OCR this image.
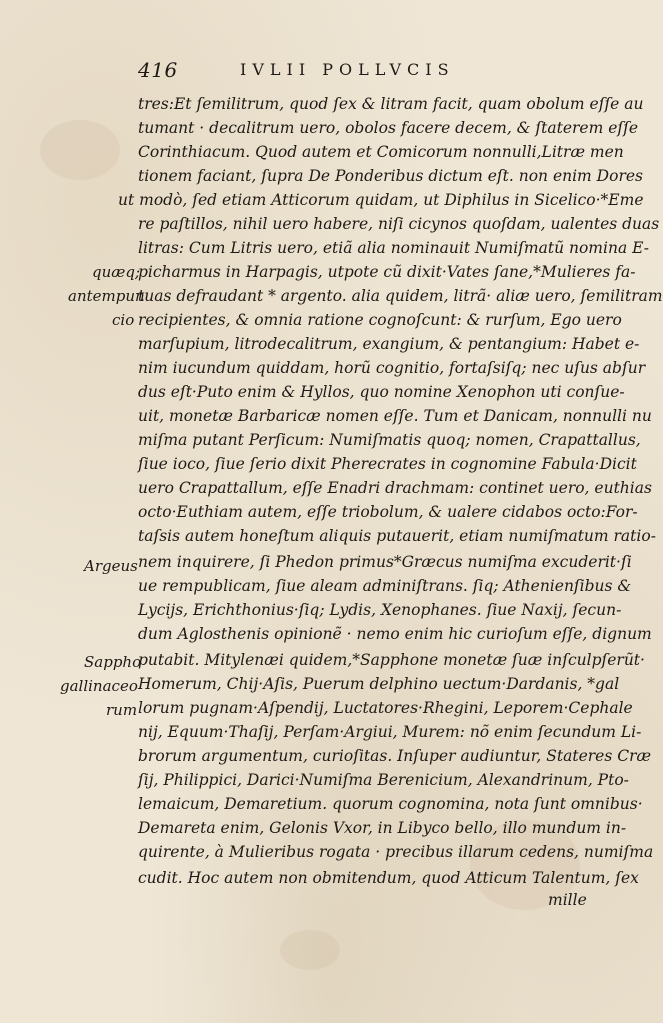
416	IVLII POLLVCIS
tres:Et ſemilitrum, quod ſex & litram facit, quam obolum eſſe au
tumant · decalitrum uero, obolos facere decem, & ſtaterem eſſe
Corinthiacum. Quod autem et Comicorum nonnulli,Litræ men
tionem faciant, ſupra De Ponderibus dictum eſt. non enim Dores
ut modò, ſed etiam Atticorum quidam, ut Diphilus in Sicelico·*Eme
re paſtillos, nihil uero habere, niſi cicynos quoſdam, ualentes duas
litras: Cum Litris uero, etiã alia nominauit Numiſmatũ nomina E-
picharmus in Harpagis, utpote cũ dixit·Vates ſane,*Mulieres fa-
tuas defraudant * argento. alia quidem, litrã· aliæ uero, ſemilitram
recipientes, & omnia ratione cognoſcunt: & rurſum, Ego uero
marſupium, litrodecalitrum, exangium, & pentangium: Habet e-
nim iucundum quiddam, horũ cognitio, fortaſsiſq; nec uſus abſur
dus eſt·Puto enim & Hyllos, quo nomine Xenophon uti conſue-
uit, monetæ Barbaricæ nomen eſſe. Tum et Danicam, nonnulli nu
miſma putant Perſicum: Numiſmatis quoq; nomen, Crapattallus,
ſiue ioco, ſiue ſerio dixit Pherecrates in cognomine Fabula·Dicit
uero Crapattallum, eſſe Enadri drachmam: continet uero, euthias
octo·Euthiam autem, eſſe triobolum, & ualere cidabos octo:For-
taſsis autem honeſtum aliquis putauerit, etiam numiſmatum ratio-
nem inquirere, ſi Phedon primus*Græcus numiſma excuderit·ſi
ue rempublicam, ſiue aleam adminiſtrans. ſiq; Athenienſibus &
Lycijs, Erichthonius·ſiq; Lydis, Xenophanes. ſiue Naxij, ſecun-
dum Aglosthenis opinionẽ · nemo enim hic curioſum eſſe, dignum
putabit. Mitylenæi quidem,*Sapphone monetæ ſuæ inſculpſerũt·
Homerum, Chij·Aſis, Puerum delphino uectum·Dardanis, *gal
lorum pugnam·Aſpendij, Luctatores·Rhegini, Leporem·Cephale
nij, Equum·Thaſij, Perſam·Argiui, Murem: nõ enim ſecundum Li-
brorum argumentum, curioſitas. Inſuper audiuntur, Stateres Cræ
ſij, Philippici, Darici·Numiſma Berenicium, Alexandrinum, Pto-
lemaicum, Demaretium. quorum cognomina, nota ſunt omnibus·
Demareta enim, Gelonis Vxor, in Libyco bello, illo mundum in-
quirente, à Mulieribus rogata · precibus illarum cedens, numiſma
cudit. Hoc autem non obmitendum, quod Atticum Talentum, ſex
mille
quæq;
antempun
cio
Argeus
Sappho
gallinaceo
rum
